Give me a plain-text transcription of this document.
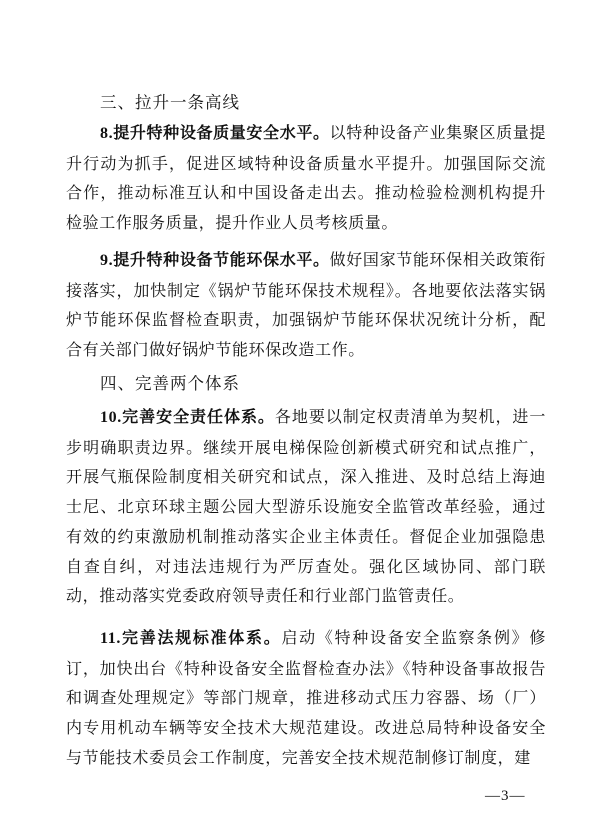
三、拉升一条高线

8.提升特种设备质量安全水平。以特种设备产业集聚区质量提升行动为抓手，促进区域特种设备质量水平提升。加强国际交流合作，推动标准互认和中国设备走出去。推动检验检测机构提升检验工作服务质量，提升作业人员考核质量。

9.提升特种设备节能环保水平。做好国家节能环保相关政策衔接落实，加快制定《锅炉节能环保技术规程》。各地要依法落实锅炉节能环保监督检查职责，加强锅炉节能环保状况统计分析，配合有关部门做好锅炉节能环保改造工作。

四、完善两个体系

10.完善安全责任体系。各地要以制定权责清单为契机，进一步明确职责边界。继续开展电梯保险创新模式研究和试点推广，开展气瓶保险制度相关研究和试点，深入推进、及时总结上海迪士尼、北京环球主题公园大型游乐设施安全监管改革经验，通过有效的约束激励机制推动落实企业主体责任。督促企业加强隐患自查自纠，对违法违规行为严厉查处。强化区域协同、部门联动，推动落实党委政府领导责任和行业部门监管责任。

11.完善法规标准体系。启动《特种设备安全监察条例》修订，加快出台《特种设备安全监督检查办法》《特种设备事故报告和调查处理规定》等部门规章，推进移动式压力容器、场（厂）内专用机动车辆等安全技术大规范建设。改进总局特种设备安全与节能技术委员会工作制度，完善安全技术规范制修订制度，建

—3—
